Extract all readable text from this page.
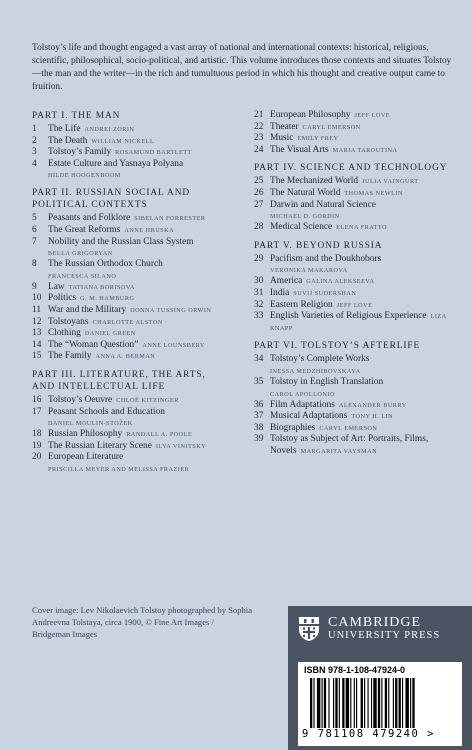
Tolstoy’s life and thought engaged a vast array of national and international contexts: historical, religious, scientific, philosophical, socio-political, and artistic. This volume introduces those contexts and situates Tolstoy—the man and the writer—in the rich and tumultuous period in which his thought and creative output came to fruition.

PART I. THE MAN
1	The Life ANDREI ZORIN
2	The Death WILLIAM NICKELL
3	Tolstoy’s Family ROSAMUND BARTLETT
4	Estate Culture and Yasnaya Polyana
HILDE HOOGENBOOM
PART II. RUSSIAN SOCIAL AND
POLITICAL CONTEXTS
5	Peasants and Folklore SIBELAN FORRESTER
6	The Great Reforms ANNE HRUSKA
7	Nobility and the Russian Class System
BELLA GRIGORYAN
8	The Russian Orthodox Church
FRANCESCA SILANO
9	Law TATIANA BORISOVA
10 Politics G. M. HAMBURG
11 War and the Military DONNA TUSSING ORWIN
12 Tolstoyans CHARLOTTE ALSTON
13 Clothing DANIEL GREEN
14 The “Woman Question” ANNE LOUNSBERY
15 The Family ANNA A. BERMAN
PART III. LITERATURE, THE ARTS,
AND INTELLECTUAL LIFE
16 Tolstoy’s Oeuvre CHLOË KITZINGER
17 Peasant Schools and Education
DANIEL MOULIN-STOŽEK
18 Russian Philosophy RANDALL A. POOLE
19 The Russian Literary Scene ILYA VINITSKY
20 European Literature
PRISCILLA MEYER AND MELISSA FRAZIER
21 European Philosophy JEFF LOVE
22 Theater CARYL EMERSON
23 Music EMILY FREY
24 The Visual Arts MARIA TAROUTINA
PART IV. SCIENCE AND TECHNOLOGY
25 The Mechanized World JULIA VAINGURT
26 The Natural World THOMAS NEWLIN
27 Darwin and Natural Science
MICHAEL D. GORDIN
28 Medical Science ELENA FRATTO
PART V. BEYOND RUSSIA
29 Pacifism and the Doukhobors
VERONIKA MAKAROVA
30 America GALINA ALEKSEEVA
31 India SUVIJ SUDERSHAN
32 Eastern Religion JEFF LOVE
33 English Varieties of Religious Experience LIZA KNAPP
PART VI. TOLSTOY’S AFTERLIFE
34 Tolstoy’s Complete Works
INESSA MEDZHIBOVSKAYA
35 Tolstoy in English Translation
CAROL APOLLONIO
36 Film Adaptations ALEXANDER BURRY
37 Musical Adaptations TONY H. LIN
38 Biographies CARYL EMERSON
39 Tolstoy as Subject of Art: Portraits, Films, Novels MARGARITA VAYSMAN

Cover image: Lev Nikolaevich Tolstoy photographed by Sophia Andreevna Tolstaya, circa 1900, © Fine Art Images / Bridgeman Images

CAMBRIDGE
UNIVERSITY PRESS
ISBN 978-1-108-47924-0
9 781108 479240 >
